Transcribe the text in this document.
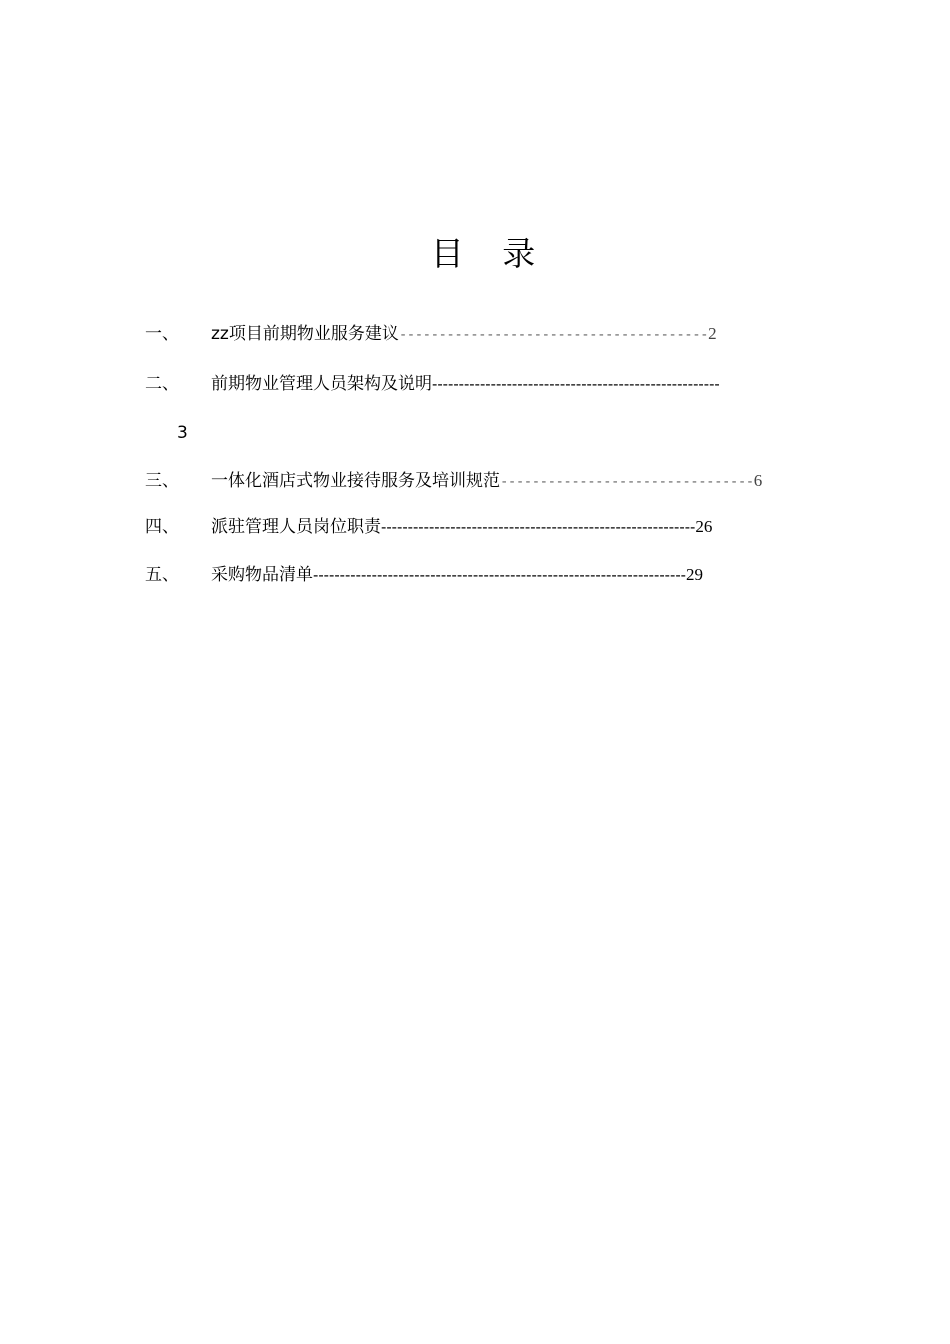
目 录
一、 zz项目前期物业服务建议---------------------------------------2
二、 前期物业管理人员架构及说明------------------------------------------------------
3
三、 一体化酒店式物业接待服务及培训规范--------------------------------6
四、 派驻管理人员岗位职责-----------------------------------------------------------26
五、 采购物品清单----------------------------------------------------------------------29
